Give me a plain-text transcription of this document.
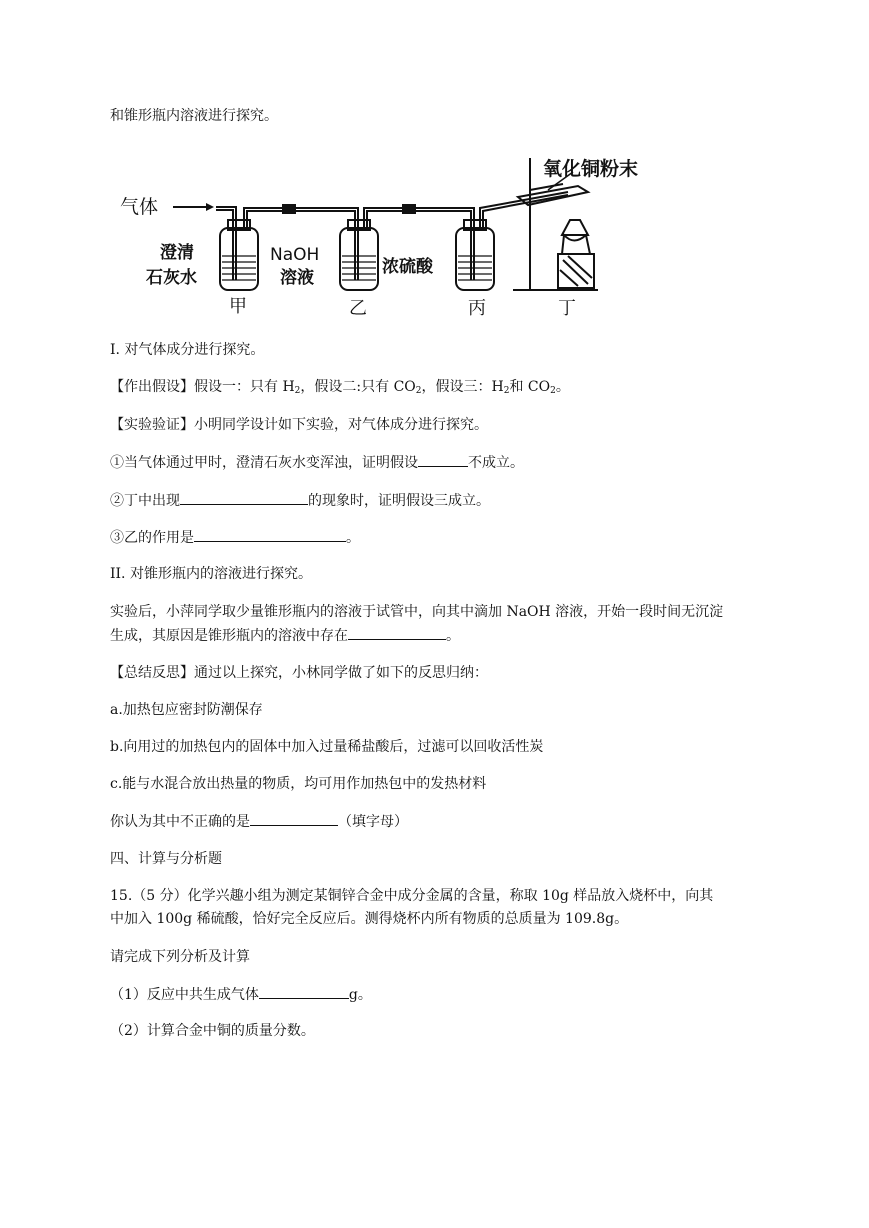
和锥形瓶内溶液进行探究。
气体
氧化铜粉末
澄清
石灰水
NaOH
溶液
浓硫酸
甲	乙	丙	丁
I. 对气体成分进行探究。
【作出假设】假设一：只有 $H_2$，假设二:只有 $CO_2$，假设三：$H_2$和 $CO_2$。
【实验验证】小明同学设计如下实验，对气体成分进行探究。
①当气体通过甲时，澄清石灰水变浑浊，证明假设	不成立。
②丁中出现	的现象时，证明假设三成立。
③乙的作用是	。
II. 对锥形瓶内的溶液进行探究。
实验后，小萍同学取少量锥形瓶内的溶液于试管中，向其中滴加 NaOH 溶液，开始一段时间无沉淀
生成，其原因是锥形瓶内的溶液中存在	。
【总结反思】通过以上探究，小林同学做了如下的反思归纳：
a.加热包应密封防潮保存
b.向用过的加热包内的固体中加入过量稀盐酸后，过滤可以回收活性炭
c.能与水混合放出热量的物质，均可用作加热包中的发热材料
你认为其中不正确的是	（填字母）
四、计算与分析题
15.（5 分）化学兴趣小组为测定某铜锌合金中成分金属的含量，称取 10g 样品放入烧杯中，向其
中加入 100g 稀硫酸，恰好完全反应后。测得烧杯内所有物质的总质量为 109.8g。
请完成下列分析及计算
（1）反应中共生成气体	g。
（2）计算合金中铜的质量分数。
